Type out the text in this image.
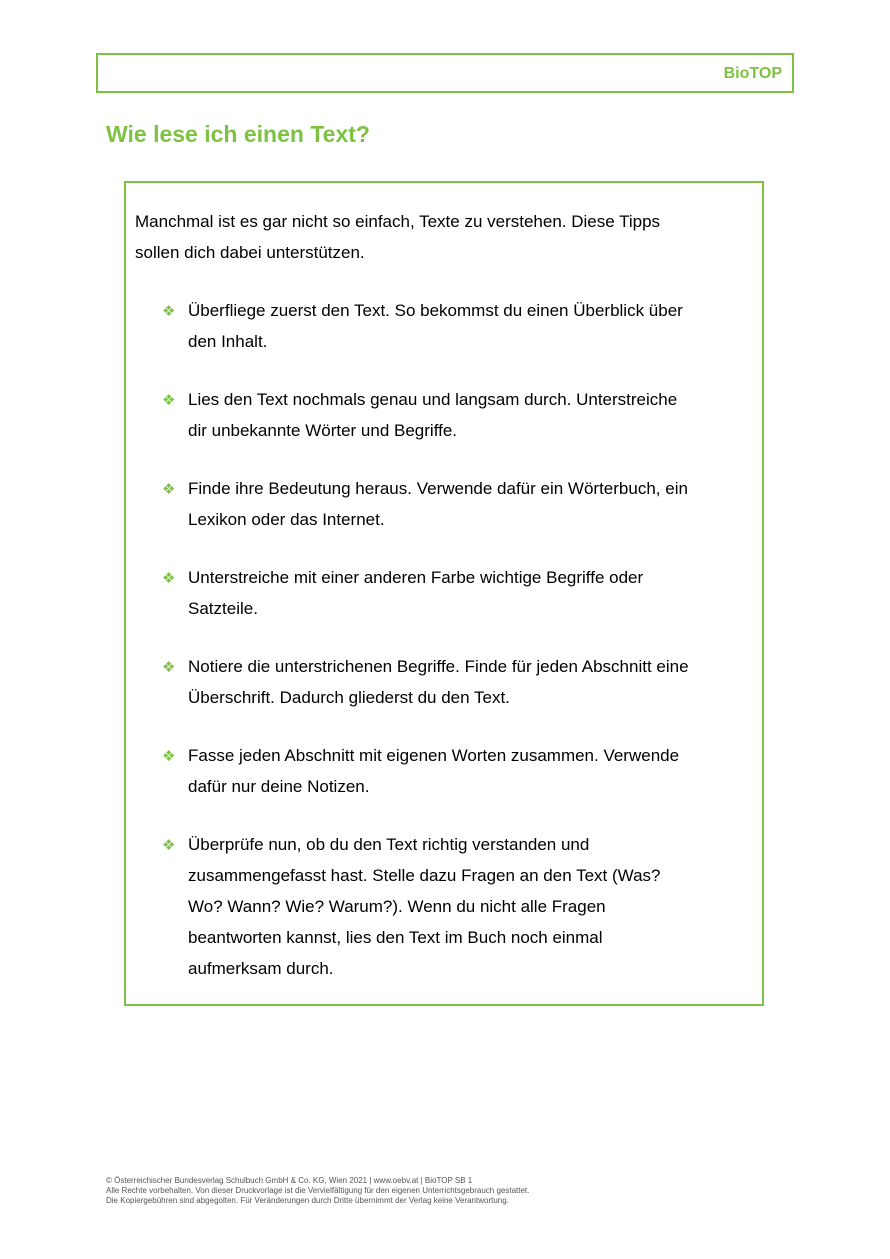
BioTOP
Wie lese ich einen Text?

Manchmal ist es gar nicht so einfach, Texte zu verstehen. Diese Tipps sollen dich dabei unterstützen.

❖ Überfliege zuerst den Text. So bekommst du einen Überblick über den Inhalt.
❖ Lies den Text nochmals genau und langsam durch. Unterstreiche dir unbekannte Wörter und Begriffe.
❖ Finde ihre Bedeutung heraus. Verwende dafür ein Wörterbuch, ein Lexikon oder das Internet.
❖ Unterstreiche mit einer anderen Farbe wichtige Begriffe oder Satzteile.
❖ Notiere die unterstrichenen Begriffe. Finde für jeden Abschnitt eine Überschrift. Dadurch gliederst du den Text.
❖ Fasse jeden Abschnitt mit eigenen Worten zusammen. Verwende dafür nur deine Notizen.
❖ Überprüfe nun, ob du den Text richtig verstanden und zusammengefasst hast. Stelle dazu Fragen an den Text (Was? Wo? Wann? Wie? Warum?). Wenn du nicht alle Fragen beantworten kannst, lies den Text im Buch noch einmal aufmerksam durch.
© Österreichischer Bundesverlag Schulbuch GmbH & Co. KG, Wien 2021 | www.oebv.at | BioTOP SB 1
Alle Rechte vorbehalten. Von dieser Druckvorlage ist die Vervielfältigung für den eigenen Unterrichtsgebrauch gestattet.
Die Kopiergebühren sind abgegolten. Für Veränderungen durch Dritte übernimmt der Verlag keine Verantwortung.
